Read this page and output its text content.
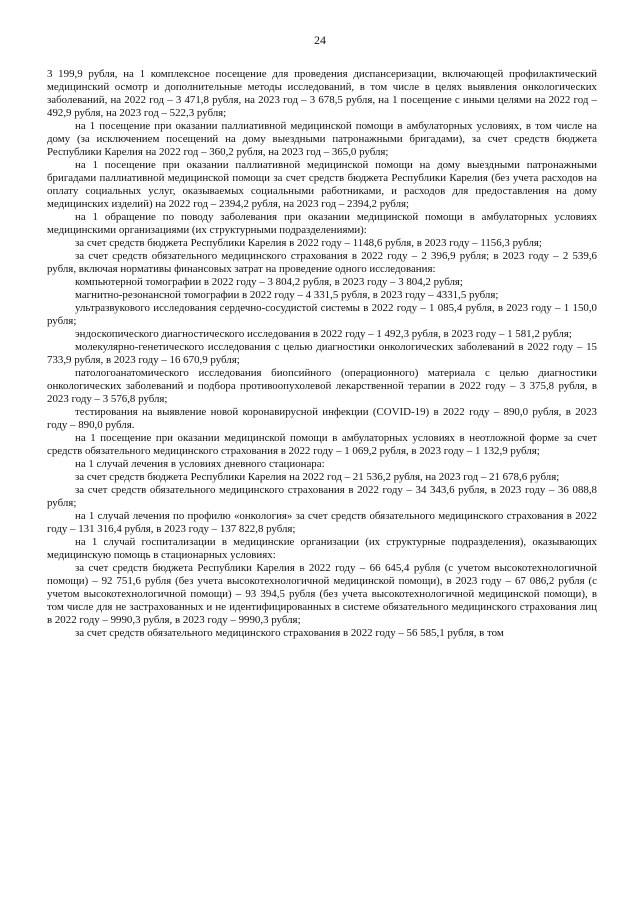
24

3 199,9 рубля, на 1 комплексное посещение для проведения диспансеризации, включающей профилактический медицинский осмотр и дополнительные методы исследований, в том числе в целях выявления онкологических заболеваний, на 2022 год – 3 471,8 рубля, на 2023 год – 3 678,5 рубля, на 1 посещение с иными целями на 2022 год – 492,9 рубля, на 2023 год – 522,3 рубля;

на 1 посещение при оказании паллиативной медицинской помощи в амбулаторных условиях, в том числе на дому (за исключением посещений на дому выездными патронажными бригадами), за счет средств бюджета Республики Карелия на 2022 год – 360,2 рубля, на 2023 год – 365,0 рубля;

на 1 посещение при оказании паллиативной медицинской помощи на дому выездными патронажными бригадами паллиативной медицинской помощи за счет средств бюджета Республики Карелия (без учета расходов на оплату социальных услуг, оказываемых социальными работниками, и расходов для предоставления на дому медицинских изделий) на 2022 год – 2394,2 рубля, на 2023 год – 2394,2 рубля;

на 1 обращение по поводу заболевания при оказании медицинской помощи в амбулаторных условиях медицинскими организациями (их структурными подразделениями):

за счет средств бюджета Республики Карелия в 2022 году – 1148,6 рубля, в 2023 году – 1156,3 рубля;

за счет средств обязательного медицинского страхования в 2022 году – 2 396,9 рубля; в 2023 году – 2 539,6 рубля, включая нормативы финансовых затрат на проведение одного исследования:

компьютерной томографии в 2022 году – 3 804,2 рубля, в 2023 году – 3 804,2 рубля;

магнитно-резонансной томографии в 2022 году – 4 331,5 рубля, в 2023 году – 4331,5 рубля;

ультразвукового исследования сердечно-сосудистой системы в 2022 году – 1 085,4 рубля, в 2023 году – 1 150,0 рубля;

эндоскопического диагностического исследования в 2022 году – 1 492,3 рубля, в 2023 году – 1 581,2 рубля;

молекулярно-генетического исследования с целью диагностики онкологических заболеваний в 2022 году – 15 733,9 рубля, в 2023 году – 16 670,9 рубля;

патологоанатомического исследования биопсийного (операционного) материала с целью диагностики онкологических заболеваний и подбора противоопухолевой лекарственной терапии в 2022 году – 3 375,8 рубля, в 2023 году – 3 576,8 рубля;

тестирования на выявление новой коронавирусной инфекции (COVID-19) в 2022 году – 890,0 рубля, в 2023 году – 890,0 рубля.

на 1 посещение при оказании медицинской помощи в амбулаторных условиях в неотложной форме за счет средств обязательного медицинского страхования в 2022 году – 1 069,2 рубля, в 2023 году – 1 132,9 рубля;

на 1 случай лечения в условиях дневного стационара:

за счет средств бюджета Республики Карелия на 2022 год – 21 536,2 рубля, на 2023 год – 21 678,6 рубля;

за счет средств обязательного медицинского страхования в 2022 году – 34 343,6 рубля, в 2023 году – 36 088,8 рубля;

на 1 случай лечения по профилю «онкология» за счет средств обязательного медицинского страхования в 2022 году – 131 316,4 рубля, в 2023 году – 137 822,8 рубля;

на 1 случай госпитализации в медицинские организации (их структурные подразделения), оказывающих медицинскую помощь в стационарных условиях:

за счет средств бюджета Республики Карелия в 2022 году – 66 645,4 рубля (с учетом высокотехнологичной помощи) – 92 751,6 рубля (без учета высокотехнологичной медицинской помощи), в 2023 году – 67 086,2 рубля (с учетом высокотехнологичной помощи) – 93 394,5 рубля (без учета высокотехнологичной медицинской помощи), в том числе для не застрахованных и не идентифицированных в системе обязательного медицинского страхования лиц в 2022 году – 9990,3 рубля, в 2023 году – 9990,3 рубля;

за счет средств обязательного медицинского страхования в 2022 году – 56 585,1 рубля, в том
